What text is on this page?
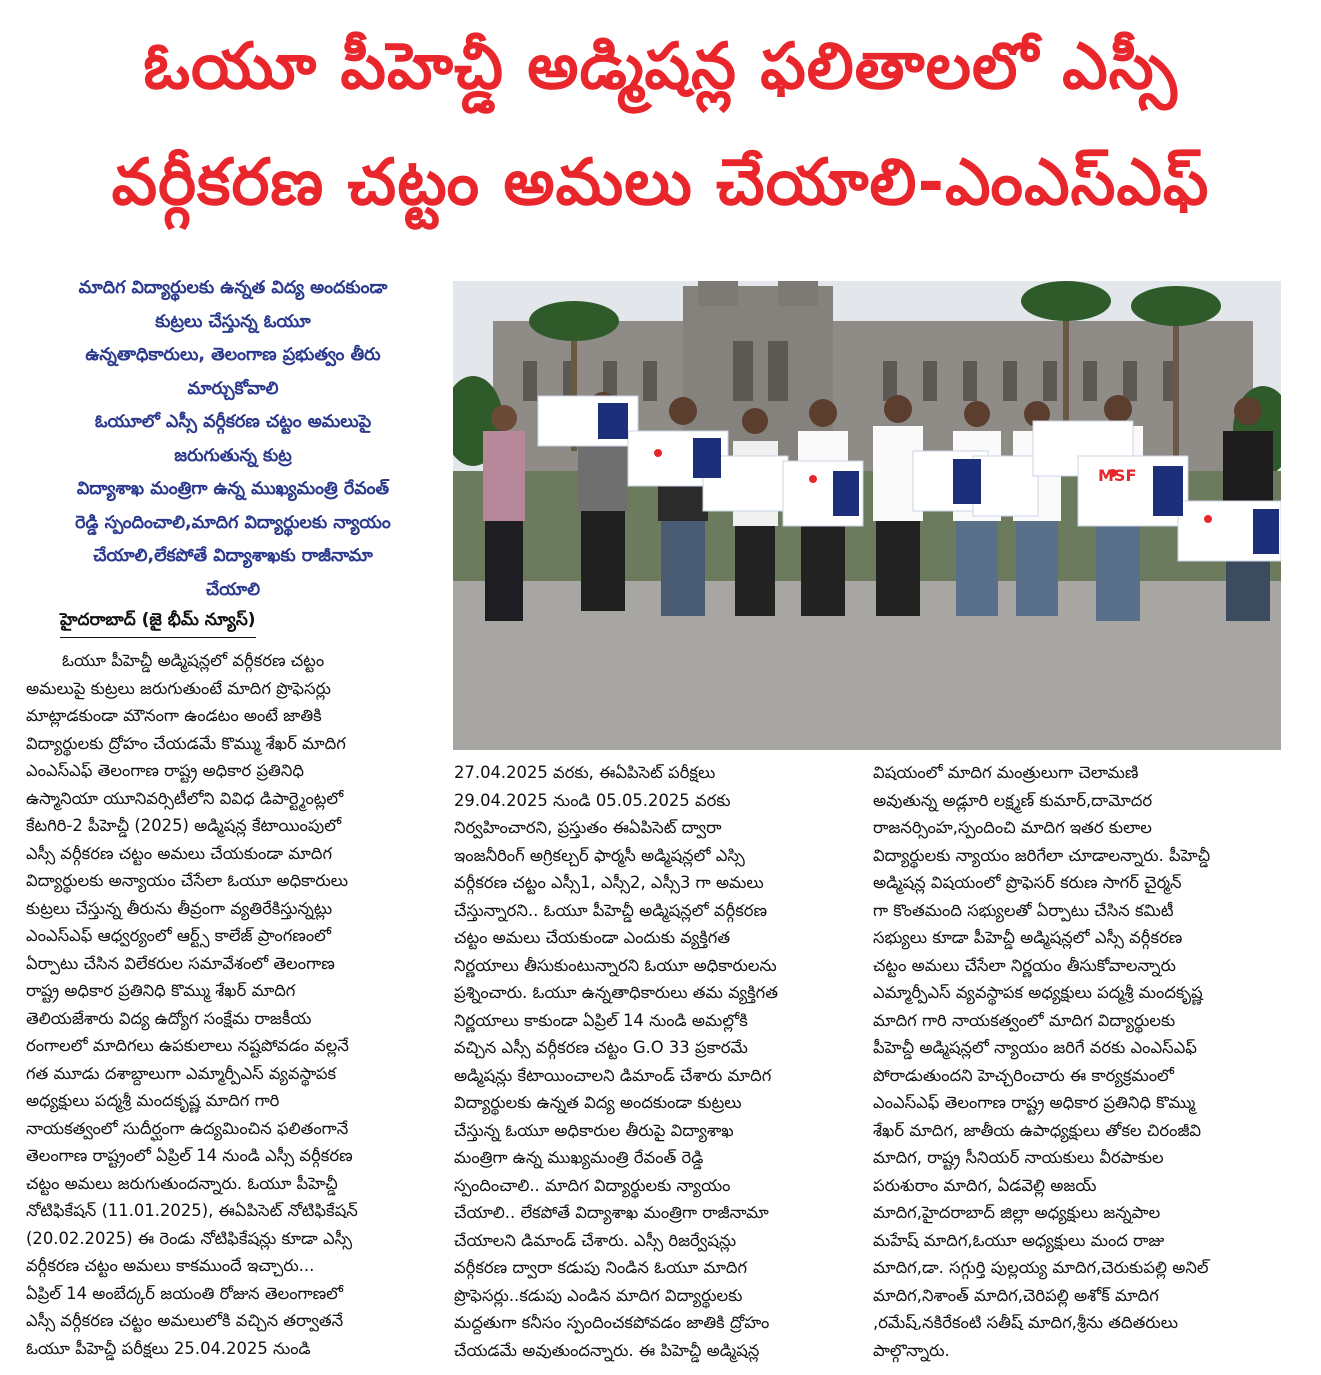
ఓయూ పీహెచ్డీ అడ్మిషన్ల ఫలితాలలో ఎస్సీ
వర్గీకరణ చట్టం అమలు చేయాలి-ఎంఎస్ఎఫ్
మాదిగ విద్యార్థులకు ఉన్నత విద్య అందకుండా
కుట్రలు చేస్తున్న ఓయూ
ఉన్నతాధికారులు, తెలంగాణ ప్రభుత్వం తీరు
మార్చుకోవాలి
ఓయూలో ఎస్సీ వర్గీకరణ చట్టం అమలుపై
జరుగుతున్న కుట్ర
విద్యాశాఖ మంత్రిగా ఉన్న ముఖ్యమంత్రి రేవంత్
రెడ్డి స్పందించాలి,మాదిగ విద్యార్థులకు న్యాయం
చేయాలి,లేకపోతే విద్యాశాఖకు రాజీనామా
చేయాలి
హైదరాబాద్ (జై భీమ్ న్యూస్)
MSF
ఓయూ పీహెచ్డీ అడ్మిషన్లలో వర్గీకరణ చట్టం
అమలుపై కుట్రలు జరుగుతుంటే మాదిగ ప్రొఫెసర్లు
మాట్లాడకుండా మౌనంగా ఉండటం అంటే జాతికి
విద్యార్థులకు ద్రోహం చేయడమే కొమ్ము శేఖర్ మాదిగ
ఎంఎస్ఎఫ్ తెలంగాణ రాష్ట్ర అధికార ప్రతినిధి
ఉస్మానియా యూనివర్సిటీలోని వివిధ డిపార్ట్మెంట్లలో
కేటగిరి-2 పీహెచ్డీ (2025) అడ్మిషన్ల కేటాయింపులో
ఎస్సీ వర్గీకరణ చట్టం అమలు చేయకుండా మాదిగ
విద్యార్థులకు అన్యాయం చేసేలా ఓయూ అధికారులు
కుట్రలు చేస్తున్న తీరును తీవ్రంగా వ్యతిరేకిస్తున్నట్లు
ఎంఎస్ఎఫ్ ఆధ్వర్యంలో ఆర్ట్స్ కాలేజ్ ప్రాంగణంలో
ఏర్పాటు చేసిన విలేకరుల సమావేశంలో తెలంగాణ
రాష్ట్ర అధికార ప్రతినిధి కొమ్ము శేఖర్ మాదిగ
తెలియజేశారు విద్య ఉద్యోగ సంక్షేమ రాజకీయ
రంగాలలో మాదిగలు ఉపకులాలు నష్టపోవడం వల్లనే
గత మూడు దశాబ్దాలుగా ఎమ్మార్పీఎస్ వ్యవస్థాపక
అధ్యక్షులు పద్మశ్రీ మందకృష్ణ మాదిగ గారి
నాయకత్వంలో సుదీర్ఘంగా ఉద్యమించిన ఫలితంగానే
తెలంగాణ రాష్ట్రంలో ఏప్రిల్ 14 నుండి ఎస్సీ వర్గీకరణ
చట్టం అమలు జరుగుతుందన్నారు. ఓయూ పీహెచ్డీ
నోటిఫికేషన్ (11.01.2025), ఈఏపిసెట్ నోటిఫికేషన్
(20.02.2025) ఈ రెండు నోటిఫికేషన్లు కూడా ఎస్సీ
వర్గీకరణ చట్టం అమలు కాకముందే ఇచ్చారు...
ఏప్రిల్ 14 అంబేద్కర్ జయంతి రోజున తెలంగాణలో
ఎస్సీ వర్గీకరణ చట్టం అమలులోకి వచ్చిన తర్వాతనే
ఓయూ పీహెచ్డీ పరీక్షలు 25.04.2025 నుండి
27.04.2025 వరకు, ఈఏపిసెట్ పరీక్షలు
29.04.2025 నుండి 05.05.2025 వరకు
నిర్వహించారని, ప్రస్తుతం ఈఏపిసెట్ ద్వారా
ఇంజనీరింగ్ అగ్రికల్చర్ ఫార్మసీ అడ్మిషన్లలో ఎస్సి
వర్గీకరణ చట్టం ఎస్సీ1, ఎస్సీ2, ఎస్సీ3 గా అమలు
చేస్తున్నారని.. ఓయూ పీహెచ్డీ అడ్మిషన్లలో వర్గీకరణ
చట్టం అమలు చేయకుండా ఎందుకు వ్యక్తిగత
నిర్ణయాలు తీసుకుంటున్నారని ఓయూ అధికారులను
ప్రశ్నించారు. ఓయూ ఉన్నతాధికారులు తమ వ్యక్తిగత
నిర్ణయాలు కాకుండా ఏప్రిల్ 14 నుండి అమల్లోకి
వచ్చిన ఎస్సీ వర్గీకరణ చట్టం G.O 33 ప్రకారమే
అడ్మిషన్లు కేటాయించాలని డిమాండ్ చేశారు మాదిగ
విద్యార్థులకు ఉన్నత విద్య అందకుండా కుట్రలు
చేస్తున్న ఓయూ అధికారుల తీరుపై విద్యాశాఖ
మంత్రిగా ఉన్న ముఖ్యమంత్రి రేవంత్ రెడ్డి
స్పందించాలి.. మాదిగ విద్యార్థులకు న్యాయం
చేయాలి.. లేకపోతే విద్యాశాఖ మంత్రిగా రాజీనామా
చేయాలని డిమాండ్ చేశారు. ఎస్సీ రిజర్వేషన్లు
వర్గీకరణ ద్వారా కడుపు నిండిన ఓయూ మాదిగ
ప్రొఫెసర్లు..కడుపు ఎండిన మాదిగ విద్యార్థులకు
మద్దతుగా కనీసం స్పందించకపోవడం జాతికి ద్రోహం
చేయడమే అవుతుందన్నారు. ఈ పిహెచ్డీ అడ్మిషన్ల
విషయంలో మాదిగ మంత్రులుగా చెలామణి
అవుతున్న అడ్లూరి లక్ష్మణ్ కుమార్,దామోదర
రాజనర్సింహ,స్పందించి మాదిగ ఇతర కులాల
విద్యార్థులకు న్యాయం జరిగేలా చూడాలన్నారు. పీహెచ్డీ
అడ్మిషన్ల విషయంలో ప్రొఫెసర్ కరుణ సాగర్ చైర్మన్
గా కొంతమంది సభ్యులతో ఏర్పాటు చేసిన కమిటీ
సభ్యులు కూడా పీహెచ్డీ అడ్మిషన్లలో ఎస్సీ వర్గీకరణ
చట్టం అమలు చేసేలా నిర్ణయం తీసుకోవాలన్నారు
ఎమ్మార్పీఎస్ వ్యవస్థాపక అధ్యక్షులు పద్మశ్రీ మందకృష్ణ
మాదిగ గారి నాయకత్వంలో మాదిగ విద్యార్థులకు
పీహెచ్డీ అడ్మిషన్లలో న్యాయం జరిగే వరకు ఎంఎస్ఎఫ్
పోరాడుతుందని హెచ్చరించారు ఈ కార్యక్రమంలో
ఎంఎస్ఎఫ్ తెలంగాణ రాష్ట్ర అధికార ప్రతినిధి కొమ్ము
శేఖర్ మాదిగ, జాతీయ ఉపాధ్యక్షులు తోకల చిరంజీవి
మాదిగ, రాష్ట్ర సీనియర్ నాయకులు వీరపాకుల
పరుశురాం మాదిగ, ఏడవెల్లి అజయ్
మాదిగ,హైదరాబాద్ జిల్లా అధ్యక్షులు జన్నపాల
మహేష్ మాదిగ,ఓయూ అధ్యక్షులు మంద రాజు
మాదిగ,డా. సగ్గుర్తి పుల్లయ్య మాదిగ,చెరుకుపల్లి అనిల్
మాదిగ,నిశాంత్ మాదిగ,చెరిపల్లి అశోక్ మాదిగ
,రమేష్,నకిరేకంటి సతీష్ మాదిగ,శ్రీను తదితరులు
పాల్గొన్నారు.
